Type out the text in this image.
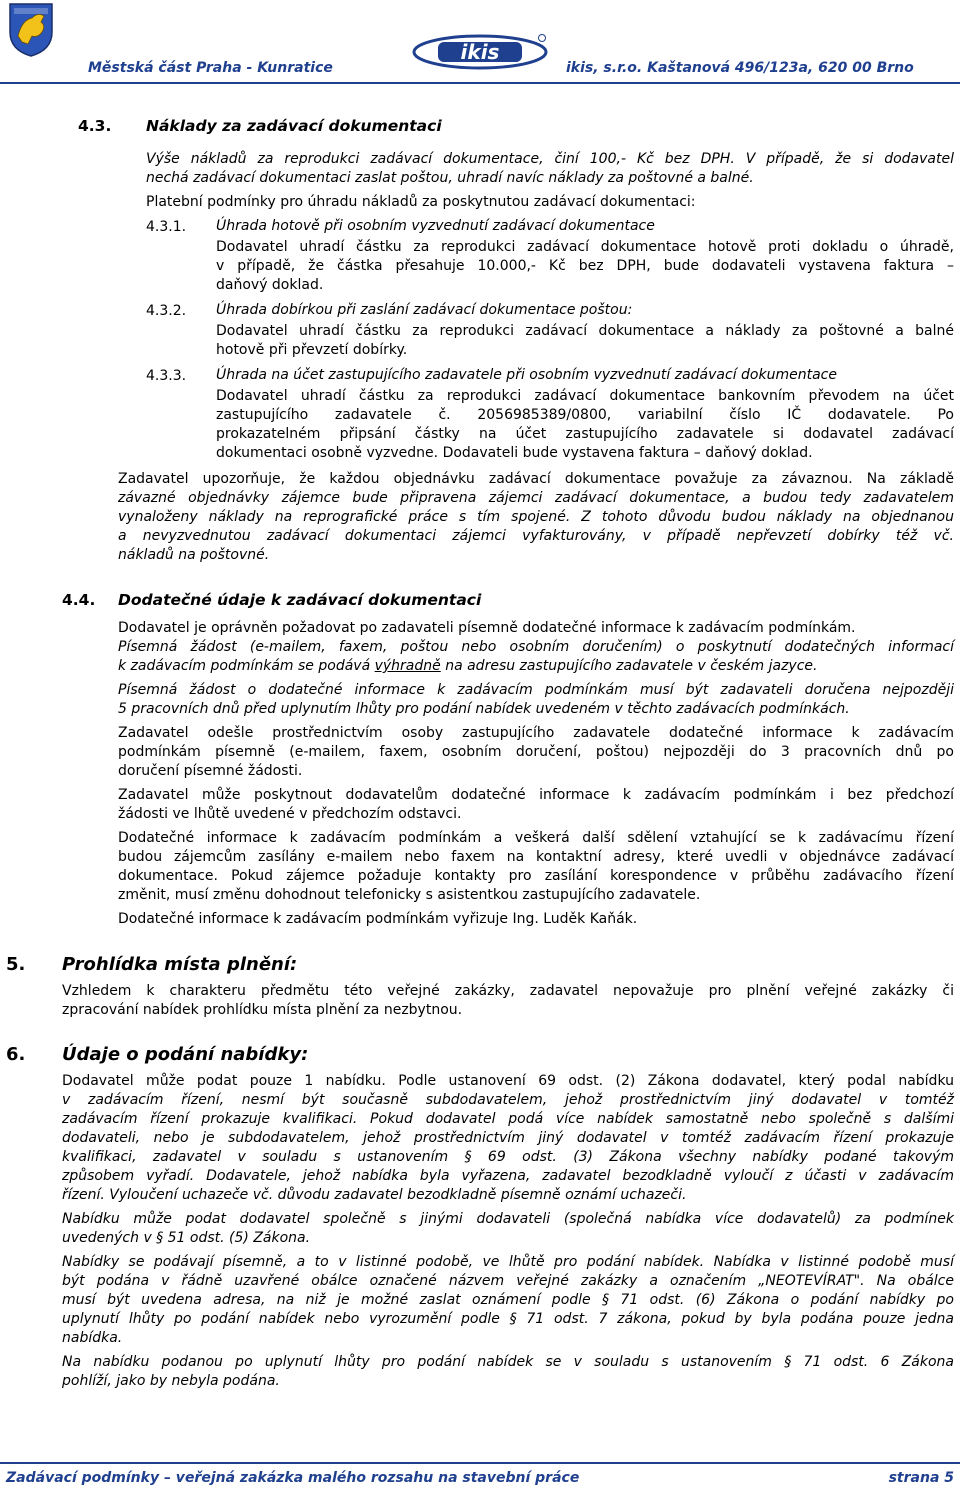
ikis
Městská část Praha - Kunratice	ikis, s.r.o. Kaštanová 496/123a, 620 00 Brno
4.3. Náklady za zadávací dokumentaci
Výše nákladů za reprodukci zadávací dokumentace, činí 100,- Kč bez DPH. V případě, že si dodavatel
nechá zadávací dokumentaci zaslat poštou, uhradí navíc náklady za poštovné a balné.
Platební podmínky pro úhradu nákladů za poskytnutou zadávací dokumentaci:
4.3.1. Úhrada hotově při osobním vyzvednutí zadávací dokumentace
Dodavatel uhradí částku za reprodukci zadávací dokumentace hotově proti dokladu o úhradě,
v případě, že částka přesahuje 10.000,- Kč bez DPH, bude dodavateli vystavena faktura –
daňový doklad.
4.3.2. Úhrada dobírkou při zaslání zadávací dokumentace poštou:
Dodavatel uhradí částku za reprodukci zadávací dokumentace a náklady za poštovné a balné
hotově při převzetí dobírky.
4.3.3. Úhrada na účet zastupujícího zadavatele při osobním vyzvednutí zadávací dokumentace
Dodavatel uhradí částku za reprodukci zadávací dokumentace bankovním převodem na účet
zastupujícího zadavatele č. 2056985389/0800, variabilní číslo IČ dodavatele. Po
prokazatelném připsání částky na účet zastupujícího zadavatele si dodavatel zadávací
dokumentaci osobně vyzvedne. Dodavateli bude vystavena faktura – daňový doklad.
Zadavatel upozorňuje, že každou objednávku zadávací dokumentace považuje za závaznou. Na základě
závazné objednávky zájemce bude připravena zájemci zadávací dokumentace, a budou tedy zadavatelem
vynaloženy náklady na reprografické práce s tím spojené. Z tohoto důvodu budou náklady na objednanou
a nevyzvednutou zadávací dokumentaci zájemci vyfakturovány, v případě nepřevzetí dobírky též vč.
nákladů na poštovné.
4.4. Dodatečné údaje k zadávací dokumentaci
Dodavatel je oprávněn požadovat po zadavateli písemně dodatečné informace k zadávacím podmínkám.
Písemná žádost (e-mailem, faxem, poštou nebo osobním doručením) o poskytnutí dodatečných informací
k zadávacím podmínkám se podává výhradně na adresu zastupujícího zadavatele v českém jazyce.
Písemná žádost o dodatečné informace k zadávacím podmínkám musí být zadavateli doručena nejpozději
5 pracovních dnů před uplynutím lhůty pro podání nabídek uvedeném v těchto zadávacích podmínkách.
Zadavatel odešle prostřednictvím osoby zastupujícího zadavatele dodatečné informace k zadávacím
podmínkám písemně (e-mailem, faxem, osobním doručení, poštou) nejpozději do 3 pracovních dnů po
doručení písemné žádosti.
Zadavatel může poskytnout dodavatelům dodatečné informace k zadávacím podmínkám i bez předchozí
žádosti ve lhůtě uvedené v předchozím odstavci.
Dodatečné informace k zadávacím podmínkám a veškerá další sdělení vztahující se k zadávacímu řízení
budou zájemcům zasílány e-mailem nebo faxem na kontaktní adresy, které uvedli v objednávce zadávací
dokumentace. Pokud zájemce požaduje kontakty pro zasílání korespondence v průběhu zadávacího řízení
změnit, musí změnu dohodnout telefonicky s asistentkou zastupujícího zadavatele.
Dodatečné informace k zadávacím podmínkám vyřizuje Ing. Luděk Kaňák.
5. Prohlídka místa plnění:
Vzhledem k charakteru předmětu této veřejné zakázky, zadavatel nepovažuje pro plnění veřejné zakázky či
zpracování nabídek prohlídku místa plnění za nezbytnou.
6. Údaje o podání nabídky:
Dodavatel může podat pouze 1 nabídku. Podle ustanovení 69 odst. (2) Zákona dodavatel, který podal nabídku
v zadávacím řízení, nesmí být současně subdodavatelem, jehož prostřednictvím jiný dodavatel v tomtéž
zadávacím řízení prokazuje kvalifikaci. Pokud dodavatel podá více nabídek samostatně nebo společně s dalšími
dodavateli, nebo je subdodavatelem, jehož prostřednictvím jiný dodavatel v tomtéž zadávacím řízení prokazuje
kvalifikaci, zadavatel v souladu s ustanovením § 69 odst. (3) Zákona všechny nabídky podané takovým
způsobem vyřadí. Dodavatele, jehož nabídka byla vyřazena, zadavatel bezodkladně vyloučí z účasti v zadávacím
řízení. Vyloučení uchazeče vč. důvodu zadavatel bezodkladně písemně oznámí uchazeči.
Nabídku může podat dodavatel společně s jinými dodavateli (společná nabídka více dodavatelů) za podmínek
uvedených v § 51 odst. (5) Zákona.
Nabídky se podávají písemně, a to v listinné podobě, ve lhůtě pro podání nabídek. Nabídka v listinné podobě musí
být podána v řádně uzavřené obálce označené názvem veřejné zakázky a označením „NEOTEVÍRAT". Na obálce
musí být uvedena adresa, na niž je možné zaslat oznámení podle § 71 odst. (6) Zákona o podání nabídky po
uplynutí lhůty po podání nabídek nebo vyrozumění podle § 71 odst. 7 zákona, pokud by byla podána pouze jedna
nabídka.
Na nabídku podanou po uplynutí lhůty pro podání nabídek se v souladu s ustanovením § 71 odst. 6 Zákona
pohlíží, jako by nebyla podána.
Zadávací podmínky – veřejná zakázka malého rozsahu na stavební práce	strana 5
